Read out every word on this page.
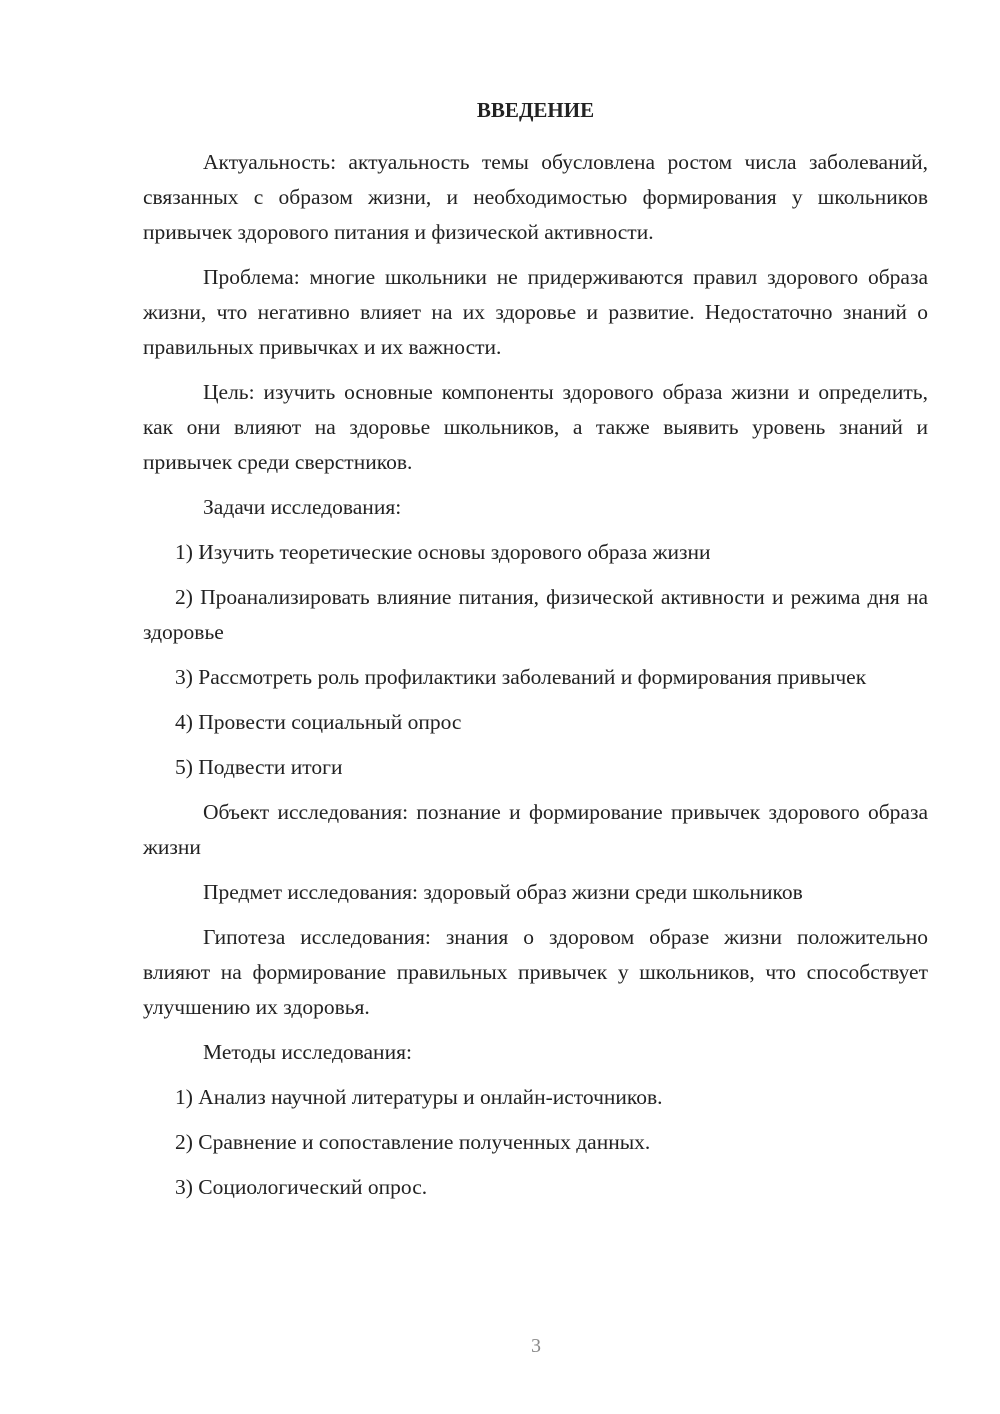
ВВЕДЕНИЕ

Актуальность: актуальность темы обусловлена ростом числа заболеваний, связанных с образом жизни, и необходимостью формирования у школьников привычек здорового питания и физической активности.

Проблема: многие школьники не придерживаются правил здорового образа жизни, что негативно влияет на их здоровье и развитие. Недостаточно знаний о правильных привычках и их важности.

Цель: изучить основные компоненты здорового образа жизни и определить, как они влияют на здоровье школьников, а также выявить уровень знаний и привычек среди сверстников.

Задачи исследования:

1) Изучить теоретические основы здорового образа жизни

2) Проанализировать влияние питания, физической активности и режима дня на здоровье

3) Рассмотреть роль профилактики заболеваний и формирования привычек

4) Провести социальный опрос

5) Подвести итоги

Объект исследования: познание и формирование привычек здорового образа жизни

Предмет исследования: здоровый образ жизни среди школьников

Гипотеза исследования: знания о здоровом образе жизни положительно влияют на формирование правильных привычек у школьников, что способствует улучшению их здоровья.

Методы исследования:

1) Анализ научной литературы и онлайн-источников.

2) Сравнение и сопоставление полученных данных.

3) Социологический опрос.

3
